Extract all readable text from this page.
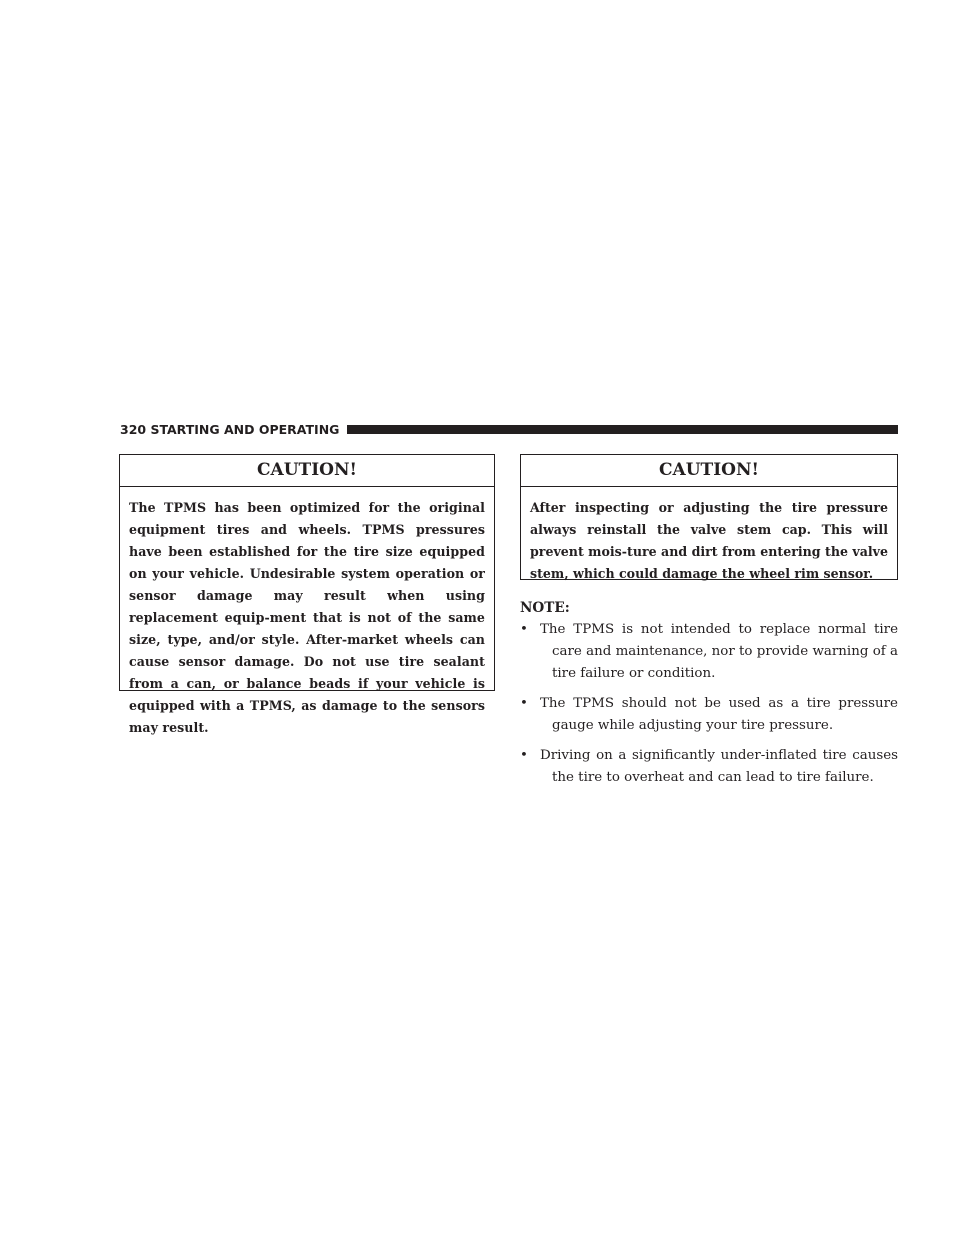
320 STARTING AND OPERATING
CAUTION!
The TPMS has been optimized for the original equipment tires and wheels. TPMS pressures have been established for the tire size equipped on your vehicle. Undesirable system operation or sensor damage may result when using replacement equip-ment that is not of the same size, type, and/or style. After-market wheels can cause sensor damage. Do not use tire sealant from a can, or balance beads if your vehicle is equipped with a TPMS, as damage to the sensors may result.
CAUTION!
After inspecting or adjusting the tire pressure always reinstall the valve stem cap. This will prevent mois-ture and dirt from entering the valve stem, which could damage the wheel rim sensor.
NOTE:
• The TPMS is not intended to replace normal tire care and maintenance, nor to provide warning of a tire failure or condition.
• The TPMS should not be used as a tire pressure gauge while adjusting your tire pressure.
• Driving on a significantly under-inflated tire causes the tire to overheat and can lead to tire failure.
